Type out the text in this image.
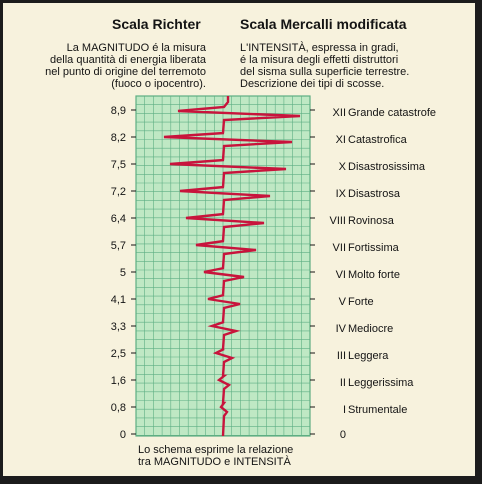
Scala Richter	Scala Mercalli modificata
La MAGNITUDO é la misura
della quantità di energia liberata
nel punto di origine del terremoto
(fuoco o ipocentro).
L'INTENSITÀ, espressa in gradi,
é la misura degli effetti distruttori
del sisma sulla superficie terrestre.
Descrizione dei tipi di scosse.
8,9
8,2
7,5
7,2
6,4
5,7
5
4,1
3,3
2,5
1,6
0,8
0
XII Grande catastrofe
XI Catastrofica
X Disastrosissima
IX Disastrosa
VIII Rovinosa
VII Fortissima
VI Molto forte
V Forte
IV Mediocre
III Leggera
II Leggerissima
I Strumentale
0
Lo schema esprime la relazione
tra MAGNITUDO e INTENSITÀ
